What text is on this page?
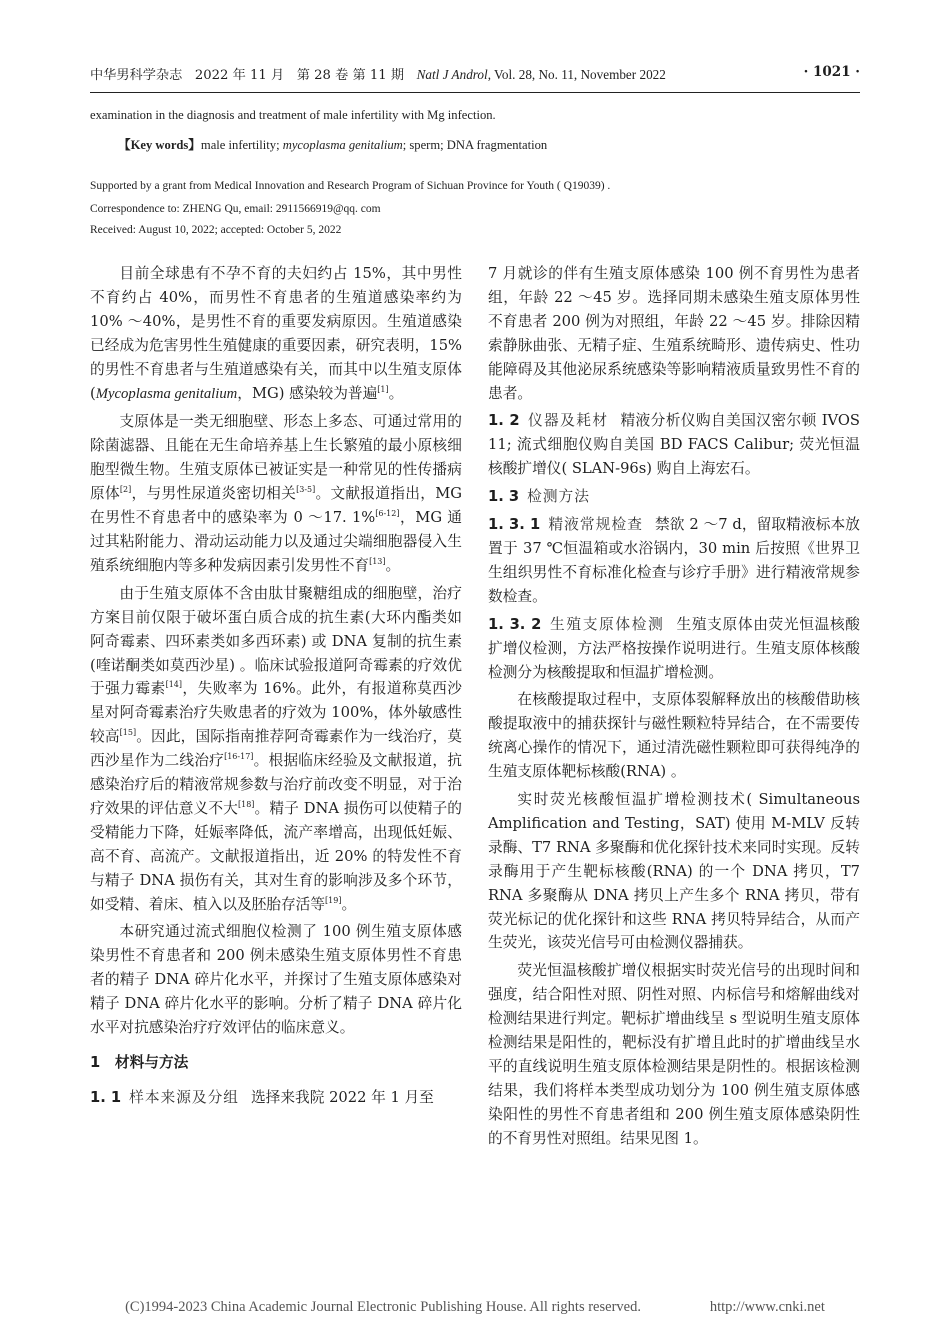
中华男科学杂志 2022 年 11 月 第 28 卷 第 11 期 Natl J Androl, Vol. 28, No. 11, November 2022	· 1021 ·
examination in the diagnosis and treatment of male infertility with Mg infection.
【Key words】male infertility; mycoplasma genitalium; sperm; DNA fragmentation
Supported by a grant from Medical Innovation and Research Program of Sichuan Province for Youth ( Q19039) .
Correspondence to: ZHENG Qu, email: 2911566919@qq. com
Received: August 10, 2022; accepted: October 5, 2022

目前全球患有不孕不育的夫妇约占 15%，其中男性不育约占 40%，而男性不育患者的生殖道感染率约为 10% ～40%，是男性不育的重要发病原因。生殖道感染已经成为危害男性生殖健康的重要因素，研究表明，15% 的男性不育患者与生殖道感染有关，而其中以生殖支原体(Mycoplasma genitalium，MG) 感染较为普遍[1]。

支原体是一类无细胞壁、形态上多态、可通过常用的除菌滤器、且能在无生命培养基上生长繁殖的最小原核细胞型微生物。生殖支原体已被证实是一种常见的性传播病原体[2]，与男性尿道炎密切相关[3-5]。文献报道指出，MG 在男性不育患者中的感染率为 0 ～17. 1%[6-12]，MG 通过其粘附能力、滑动运动能力以及通过尖端细胞器侵入生殖系统细胞内等多种发病因素引发男性不育[13]。

由于生殖支原体不含由肽甘聚糖组成的细胞壁，治疗方案目前仅限于破坏蛋白质合成的抗生素(大环内酯类如阿奇霉素、四环素类如多西环素) 或 DNA 复制的抗生素(喹诺酮类如莫西沙星) 。临床试验报道阿奇霉素的疗效优于强力霉素[14]，失败率为 16%。此外，有报道称莫西沙星对阿奇霉素治疗失败患者的疗效为 100%，体外敏感性较高[15]。因此，国际指南推荐阿奇霉素作为一线治疗，莫西沙星作为二线治疗[16-17]。根据临床经验及文献报道，抗感染治疗后的精液常规参数与治疗前改变不明显，对于治疗效果的评估意义不大[18]。精子 DNA 损伤可以使精子的受精能力下降，妊娠率降低，流产率增高，出现低妊娠、高不育、高流产。文献报道指出，近 20% 的特发性不育与精子 DNA 损伤有关，其对生育的影响涉及多个环节，如受精、着床、植入以及胚胎存活等[19]。

本研究通过流式细胞仪检测了 100 例生殖支原体感染男性不育患者和 200 例未感染生殖支原体男性不育患者的精子 DNA 碎片化水平，并探讨了生殖支原体感染对精子 DNA 碎片化水平的影响。分析了精子 DNA 碎片化水平对抗感染治疗疗效评估的临床意义。

1　材料与方法

1. 1 样本来源及分组 选择来我院 2022 年 1 月至

7 月就诊的伴有生殖支原体感染 100 例不育男性为患者组，年龄 22 ～45 岁。选择同期未感染生殖支原体男性不育患者 200 例为对照组，年龄 22 ～45 岁。排除因精索静脉曲张、无精子症、生殖系统畸形、遗传病史、性功能障碍及其他泌尿系统感染等影响精液质量致男性不育的患者。

1. 2 仪器及耗材 精液分析仪购自美国汉密尔顿 IVOS 11; 流式细胞仪购自美国 BD FACS Calibur; 荧光恒温核酸扩增仪( SLAN-96s) 购自上海宏石。

1. 3 检测方法

1. 3. 1 精液常规检查 禁欲 2 ～7 d，留取精液标本放置于 37 ℃恒温箱或水浴锅内，30 min 后按照《世界卫生组织男性不育标准化检查与诊疗手册》进行精液常规参数检查。

1. 3. 2 生殖支原体检测 生殖支原体由荧光恒温核酸扩增仪检测，方法严格按操作说明进行。生殖支原体核酸检测分为核酸提取和恒温扩增检测。

在核酸提取过程中，支原体裂解释放出的核酸借助核酸提取液中的捕获探针与磁性颗粒特异结合，在不需要传统离心操作的情况下，通过清洗磁性颗粒即可获得纯净的生殖支原体靶标核酸(RNA) 。

实时荧光核酸恒温扩增检测技术( Simultaneous Amplification and Testing，SAT) 使用 M-MLV 反转录酶、T7 RNA 多聚酶和优化探针技术来同时实现。反转录酶用于产生靶标核酸(RNA) 的一个 DNA 拷贝，T7 RNA 多聚酶从 DNA 拷贝上产生多个 RNA 拷贝，带有荧光标记的优化探针和这些 RNA 拷贝特异结合，从而产生荧光，该荧光信号可由检测仪器捕获。

荧光恒温核酸扩增仪根据实时荧光信号的出现时间和强度，结合阳性对照、阴性对照、内标信号和熔解曲线对检测结果进行判定。靶标扩增曲线呈 s 型说明生殖支原体检测结果是阳性的，靶标没有扩增且此时的扩增曲线呈水平的直线说明生殖支原体检测结果是阴性的。根据该检测结果，我们将样本类型成功划分为 100 例生殖支原体感染阳性的男性不育患者组和 200 例生殖支原体感染阴性的不育男性对照组。结果见图 1。

(C)1994-2023 China Academic Journal Electronic Publishing House. All rights reserved.	http://www.cnki.net
